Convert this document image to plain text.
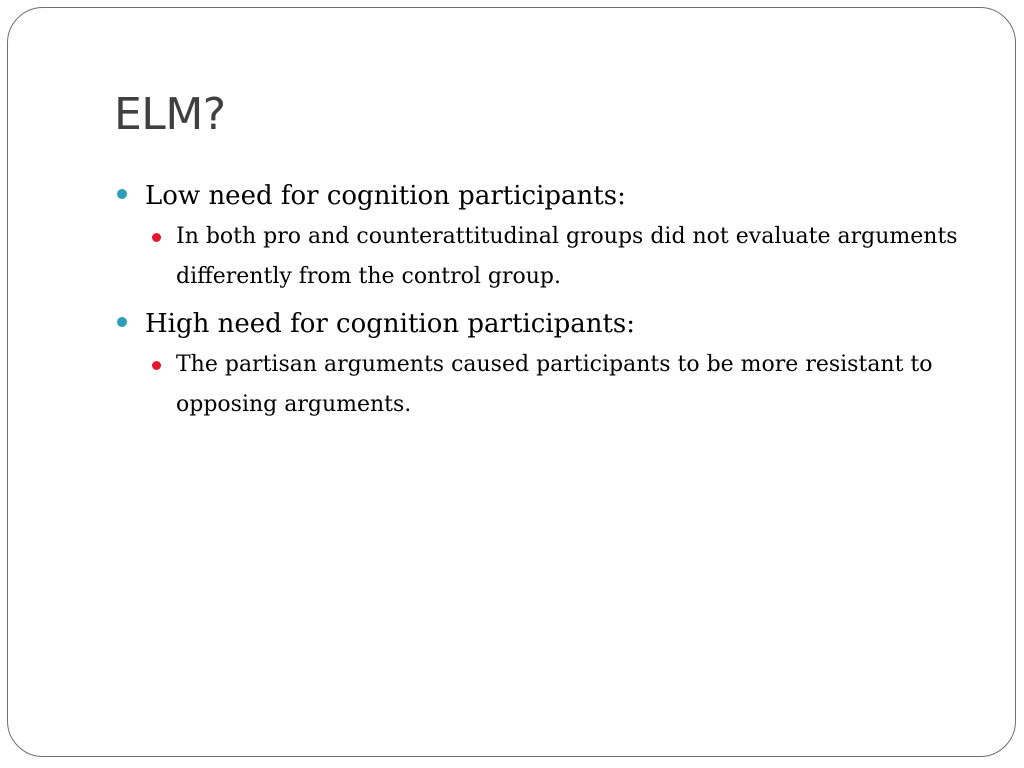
ELM?
Low need for cognition participants:
In both pro and counterattitudinal groups did not evaluate arguments differently from the control group.
High need for cognition participants:
The partisan arguments caused participants to be more resistant to opposing arguments.
